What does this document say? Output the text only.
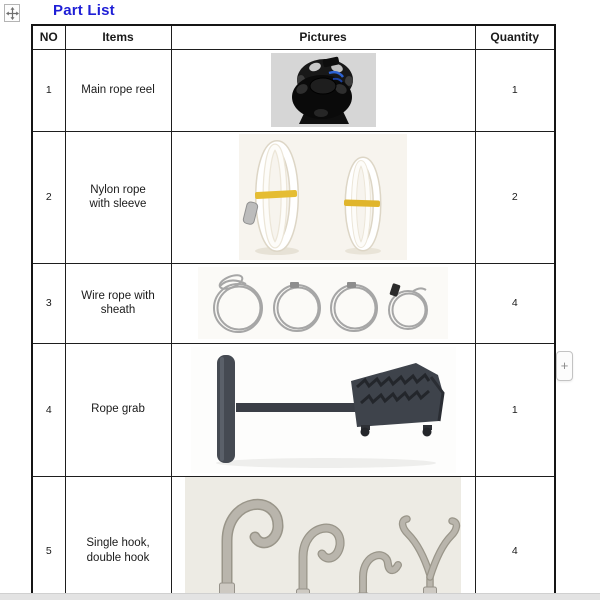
Part List
NO	Items	Pictures	Quantity
1	Main rope reel		1
2	Nylon rope with sleeve		2
3	Wire rope with sheath		4
4	Rope grab		1
5	Single hook, double hook		4
+
